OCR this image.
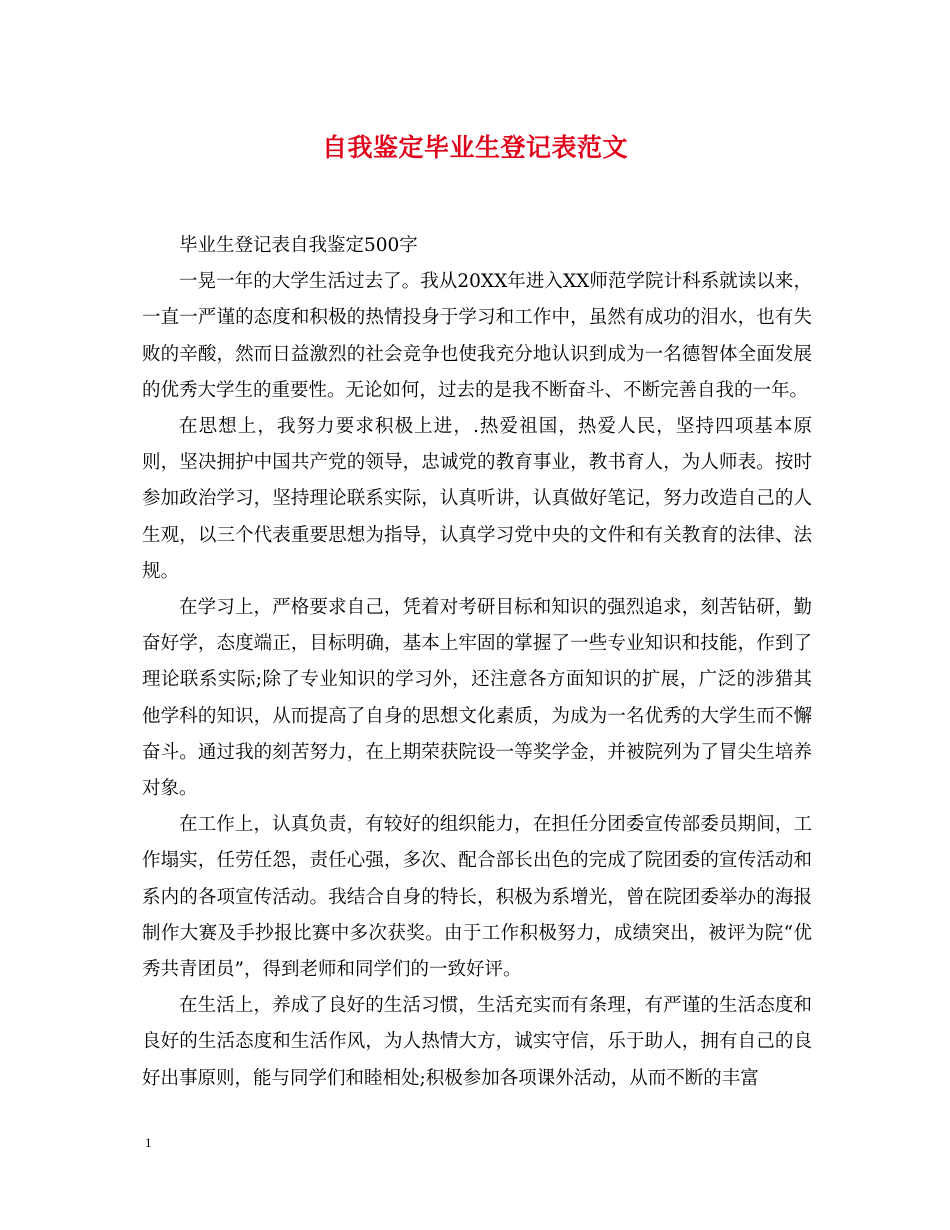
自我鉴定毕业生登记表范文

毕业生登记表自我鉴定500字

一晃一年的大学生活过去了。我从20XX年进入XX师范学院计科系就读以来，一直一严谨的态度和积极的热情投身于学习和工作中，虽然有成功的泪水，也有失败的辛酸，然而日益激烈的社会竞争也使我充分地认识到成为一名德智体全面发展的优秀大学生的重要性。无论如何，过去的是我不断奋斗、不断完善自我的一年。

在思想上，我努力要求积极上进，.热爱祖国，热爱人民，坚持四项基本原则，坚决拥护中国共产党的领导，忠诚党的教育事业，教书育人，为人师表。按时参加政治学习，坚持理论联系实际，认真听讲，认真做好笔记，努力改造自己的人生观，以三个代表重要思想为指导，认真学习党中央的文件和有关教育的法律、法规。

在学习上，严格要求自己，凭着对考研目标和知识的强烈追求，刻苦钻研，勤奋好学，态度端正，目标明确，基本上牢固的掌握了一些专业知识和技能，作到了理论联系实际;除了专业知识的学习外，还注意各方面知识的扩展，广泛的涉猎其他学科的知识，从而提高了自身的思想文化素质，为成为一名优秀的大学生而不懈奋斗。通过我的刻苦努力，在上期荣获院设一等奖学金，并被院列为了冒尖生培养对象。

在工作上，认真负责，有较好的组织能力，在担任分团委宣传部委员期间，工作塌实，任劳任怨，责任心强，多次、配合部长出色的完成了院团委的宣传活动和系内的各项宣传活动。我结合自身的特长，积极为系增光，曾在院团委举办的海报制作大赛及手抄报比赛中多次获奖。由于工作积极努力，成绩突出，被评为院“优秀共青团员”，得到老师和同学们的一致好评。

在生活上，养成了良好的生活习惯，生活充实而有条理，有严谨的生活态度和良好的生活态度和生活作风，为人热情大方，诚实守信，乐于助人，拥有自己的良好出事原则，能与同学们和睦相处;积极参加各项课外活动，从而不断的丰富

1
